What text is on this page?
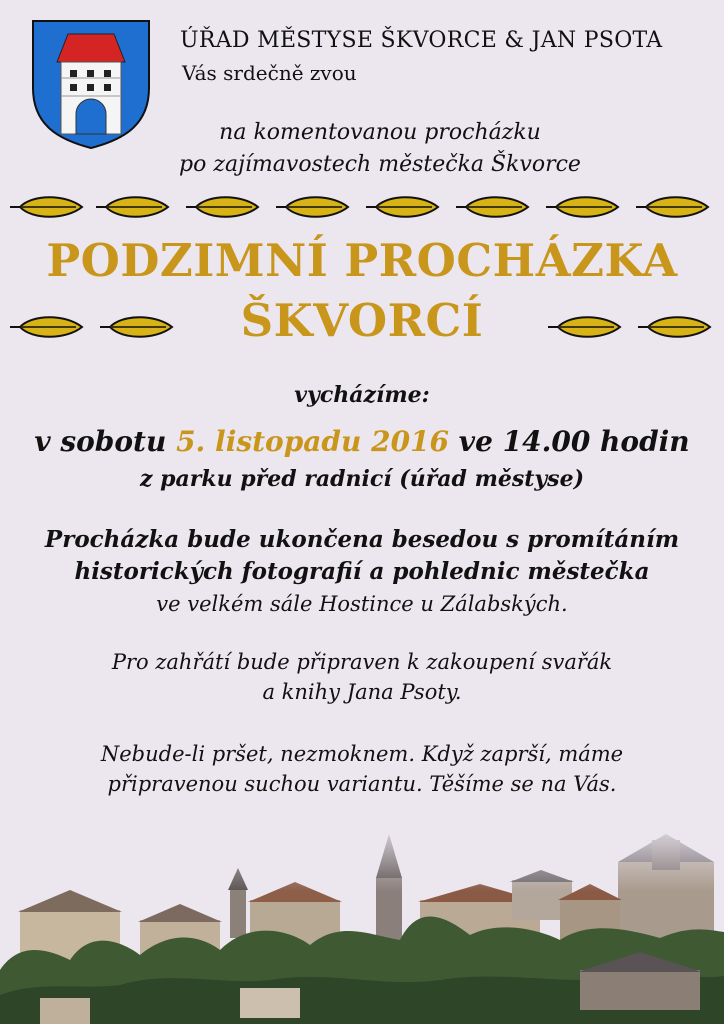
ÚŘAD MĚSTYSE ŠKVORCE & JAN PSOTA
Vás srdečně zvou
na komentovanou procházku
po zajímavostech městečka Škvorce
PODZIMNÍ PROCHÁZKA
ŠKVORCÍ
vycházíme:
v sobotu 5. listopadu 2016 ve 14.00 hodin
z parku před radnicí (úřad městyse)
Procházka bude ukončena besedou s promítáním
historických fotografií a pohlednic městečka
ve velkém sále Hostince u Zálabských.
Pro zahřátí bude připraven k zakoupení svařák
a knihy Jana Psoty.
Nebude-li pršet, nezmoknem. Když zaprší, máme
připravenou suchou variantu. Těšíme se na Vás.
